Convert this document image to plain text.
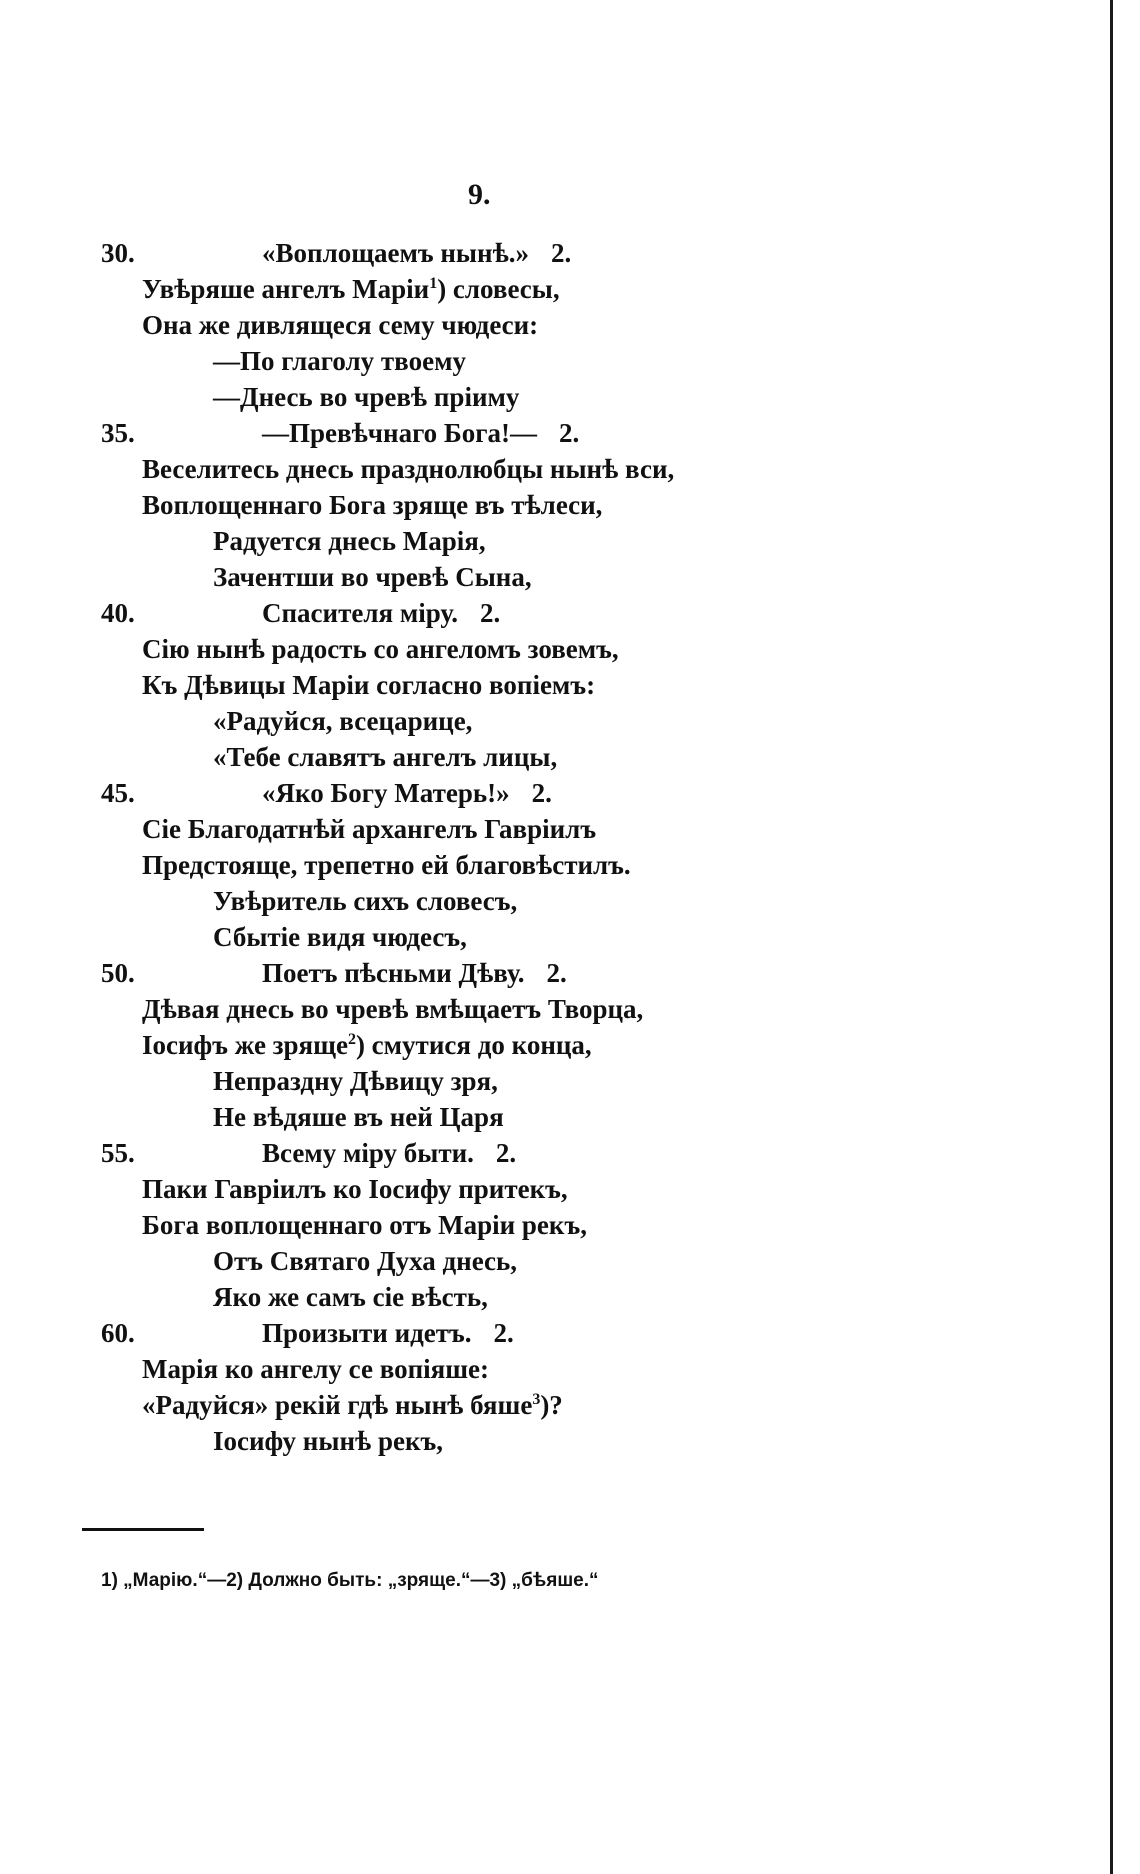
9.
30.	«Воплощаемъ нынѣ.» 2.
Увѣряше ангелъ Маріи$^1$) словесы,
Она же дивлящеся сему чюдеси:
—По глаголу твоему
—Днесь во чревѣ пріиму
35.	—Превѣчнаго Бога!— 2.
Веселитесь днесь празднолюбцы нынѣ вси,
Воплощеннаго Бога зряще въ тѣлеси,
Радуется днесь Марія,
Зачентши во чревѣ Сына,
40.	Спасителя міру. 2.
Сію нынѣ радость со ангеломъ зовемъ,
Къ Дѣвицы Маріи согласно вопіемъ:
«Радуйся, всецарице,
«Тебе славятъ ангелъ лицы,
45.	«Яко Богу Матерь!» 2.
Сіе Благодатнѣй архангелъ Гавріилъ
Предстояще, трепетно ей благовѣстилъ.
Увѣритель сихъ словесъ,
Сбытіе видя чюдесъ,
50.	Поетъ пѣсньми Дѣву. 2.
Дѣвая днесь во чревѣ вмѣщаетъ Творца,
Іосифъ же зряще$^2$) смутися до конца,
Непраздну Дѣвицу зря,
Не вѣдяше въ ней Царя
55.	Всему міру быти. 2.
Паки Гавріилъ ко Іосифу притекъ,
Бога воплощеннаго отъ Маріи рекъ,
Отъ Святаго Духа днесь,
Яко же самъ сіе вѣсть,
60.	Произыти идетъ. 2.
Марія ко ангелу се вопіяше:
«Радуйся» рекій гдѣ нынѣ бяше$^3$)?
Іосифу нынѣ рекъ,
1) „Марію.“—2) Должно быть: „зряще.“—3) „бѣяше.“
